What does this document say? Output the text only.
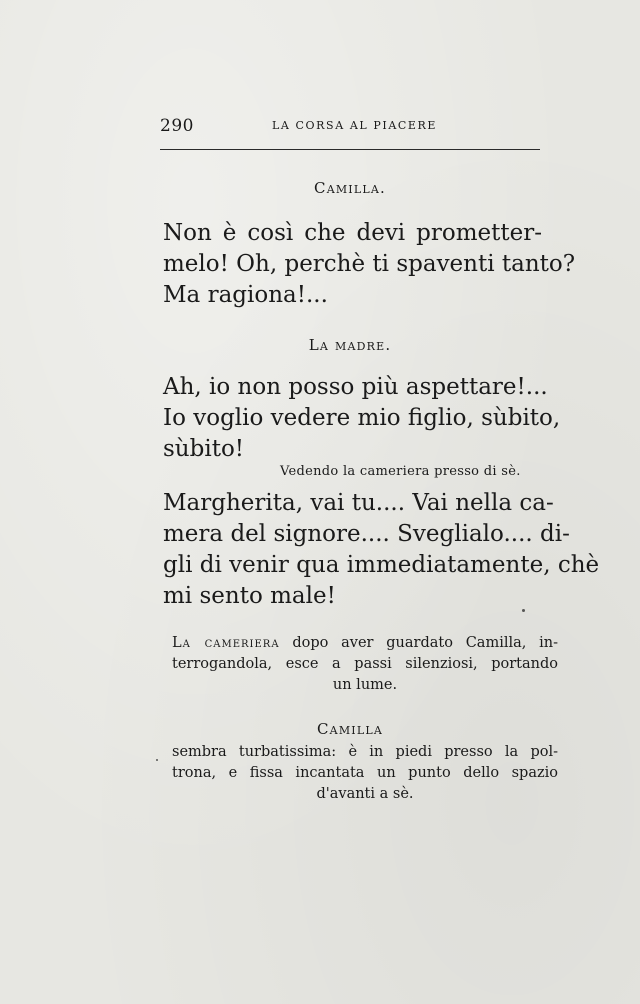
290	LA CORSA AL PIACERE
Camilla.
Non è così che devi prometter-
melo! Oh, perchè ti spaventi tanto?
Ma ragiona!...
La madre.
Ah, io non posso più aspettare!...
Io voglio vedere mio figlio, sùbito,
sùbito!
Vedendo la cameriera presso di sè.
Margherita, vai tu.... Vai nella ca-
mera del signore.... Sveglialo.... di-
gli di venir qua immediatamente, chè
mi sento male!
La cameriera dopo aver guardato Camilla, in-
terrogandola, esce a passi silenziosi, portando
un lume.
Camilla
sembra turbatissima: è in piedi presso la pol-
trona, e fissa incantata un punto dello spazio
d'avanti a sè.
